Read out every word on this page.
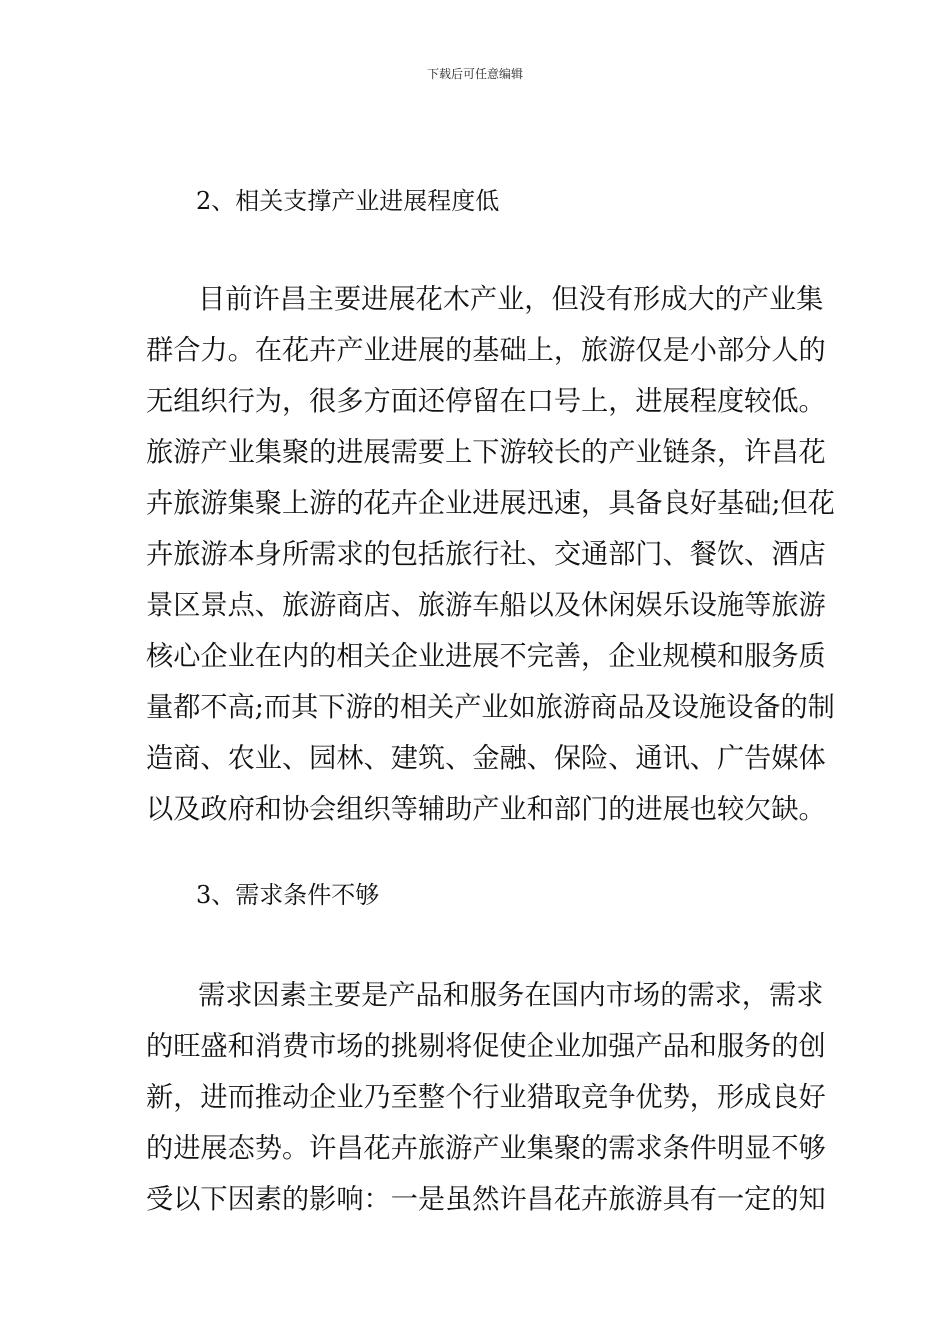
下载后可任意编辑
2、相关支撑产业进展程度低
目前许昌主要进展花木产业，但没有形成大的产业集
群合力。在花卉产业进展的基础上，旅游仅是小部分人的
无组织行为，很多方面还停留在口号上，进展程度较低。
旅游产业集聚的进展需要上下游较长的产业链条，许昌花
卉旅游集聚上游的花卉企业进展迅速，具备良好基础;但花
卉旅游本身所需求的包括旅行社、交通部门、餐饮、酒店
景区景点、旅游商店、旅游车船以及休闲娱乐设施等旅游
核心企业在内的相关企业进展不完善，企业规模和服务质
量都不高;而其下游的相关产业如旅游商品及设施设备的制
造商、农业、园林、建筑、金融、保险、通讯、广告媒体
以及政府和协会组织等辅助产业和部门的进展也较欠缺。
3、需求条件不够
需求因素主要是产品和服务在国内市场的需求，需求
的旺盛和消费市场的挑剔将促使企业加强产品和服务的创
新，进而推动企业乃至整个行业猎取竞争优势，形成良好
的进展态势。许昌花卉旅游产业集聚的需求条件明显不够
受以下因素的影响：一是虽然许昌花卉旅游具有一定的知
